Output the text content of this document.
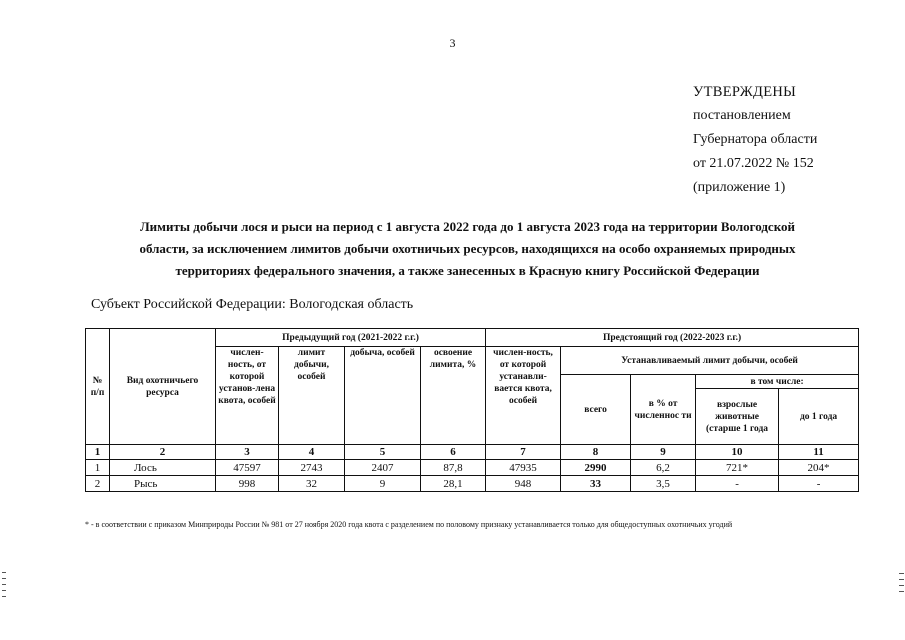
3
УТВЕРЖДЕНЫ
постановлением
Губернатора области
от 21.07.2022 № 152
(приложение 1)
Лимиты добычи лося и рыси на период с 1 августа 2022 года до 1 августа 2023 года на территории Вологодской
области, за исключением лимитов добычи охотничьих ресурсов, находящихся на особо охраняемых природных
территориях федерального значения, а также занесенных в Красную книгу Российской Федерации
Субъект Российской Федерации: Вологодская область
№ п/п	Вид охотничьего ресурса	Предыдущий год (2021-2022 г.г.)				Предстоящий год (2022-2023 г.г.)				
		числен-ность, от которой установ-лена квота, особей	лимит добычи, особей	добыча, особей	освоение лимита, %	числен-ность, от которой устанавли-вается квота, особей	Устанавливаемый лимит добычи, особей			
							всего	в % от численнос ти	в том числе:	
									взрослые животные (старше 1 года	до 1 года
1	2	3	4	5	6	7	8	9	10	11
1	Лось	47597	2743	2407	87,8	47935	2990	6,2	721*	204*
2	Рысь	998	32	9	28,1	948	33	3,5	-	-
* - в соответствии с приказом Минприроды России № 981 от 27 ноября 2020 года квота с разделением по половому признаку устанавливается только для общедоступных охотничьих угодий
